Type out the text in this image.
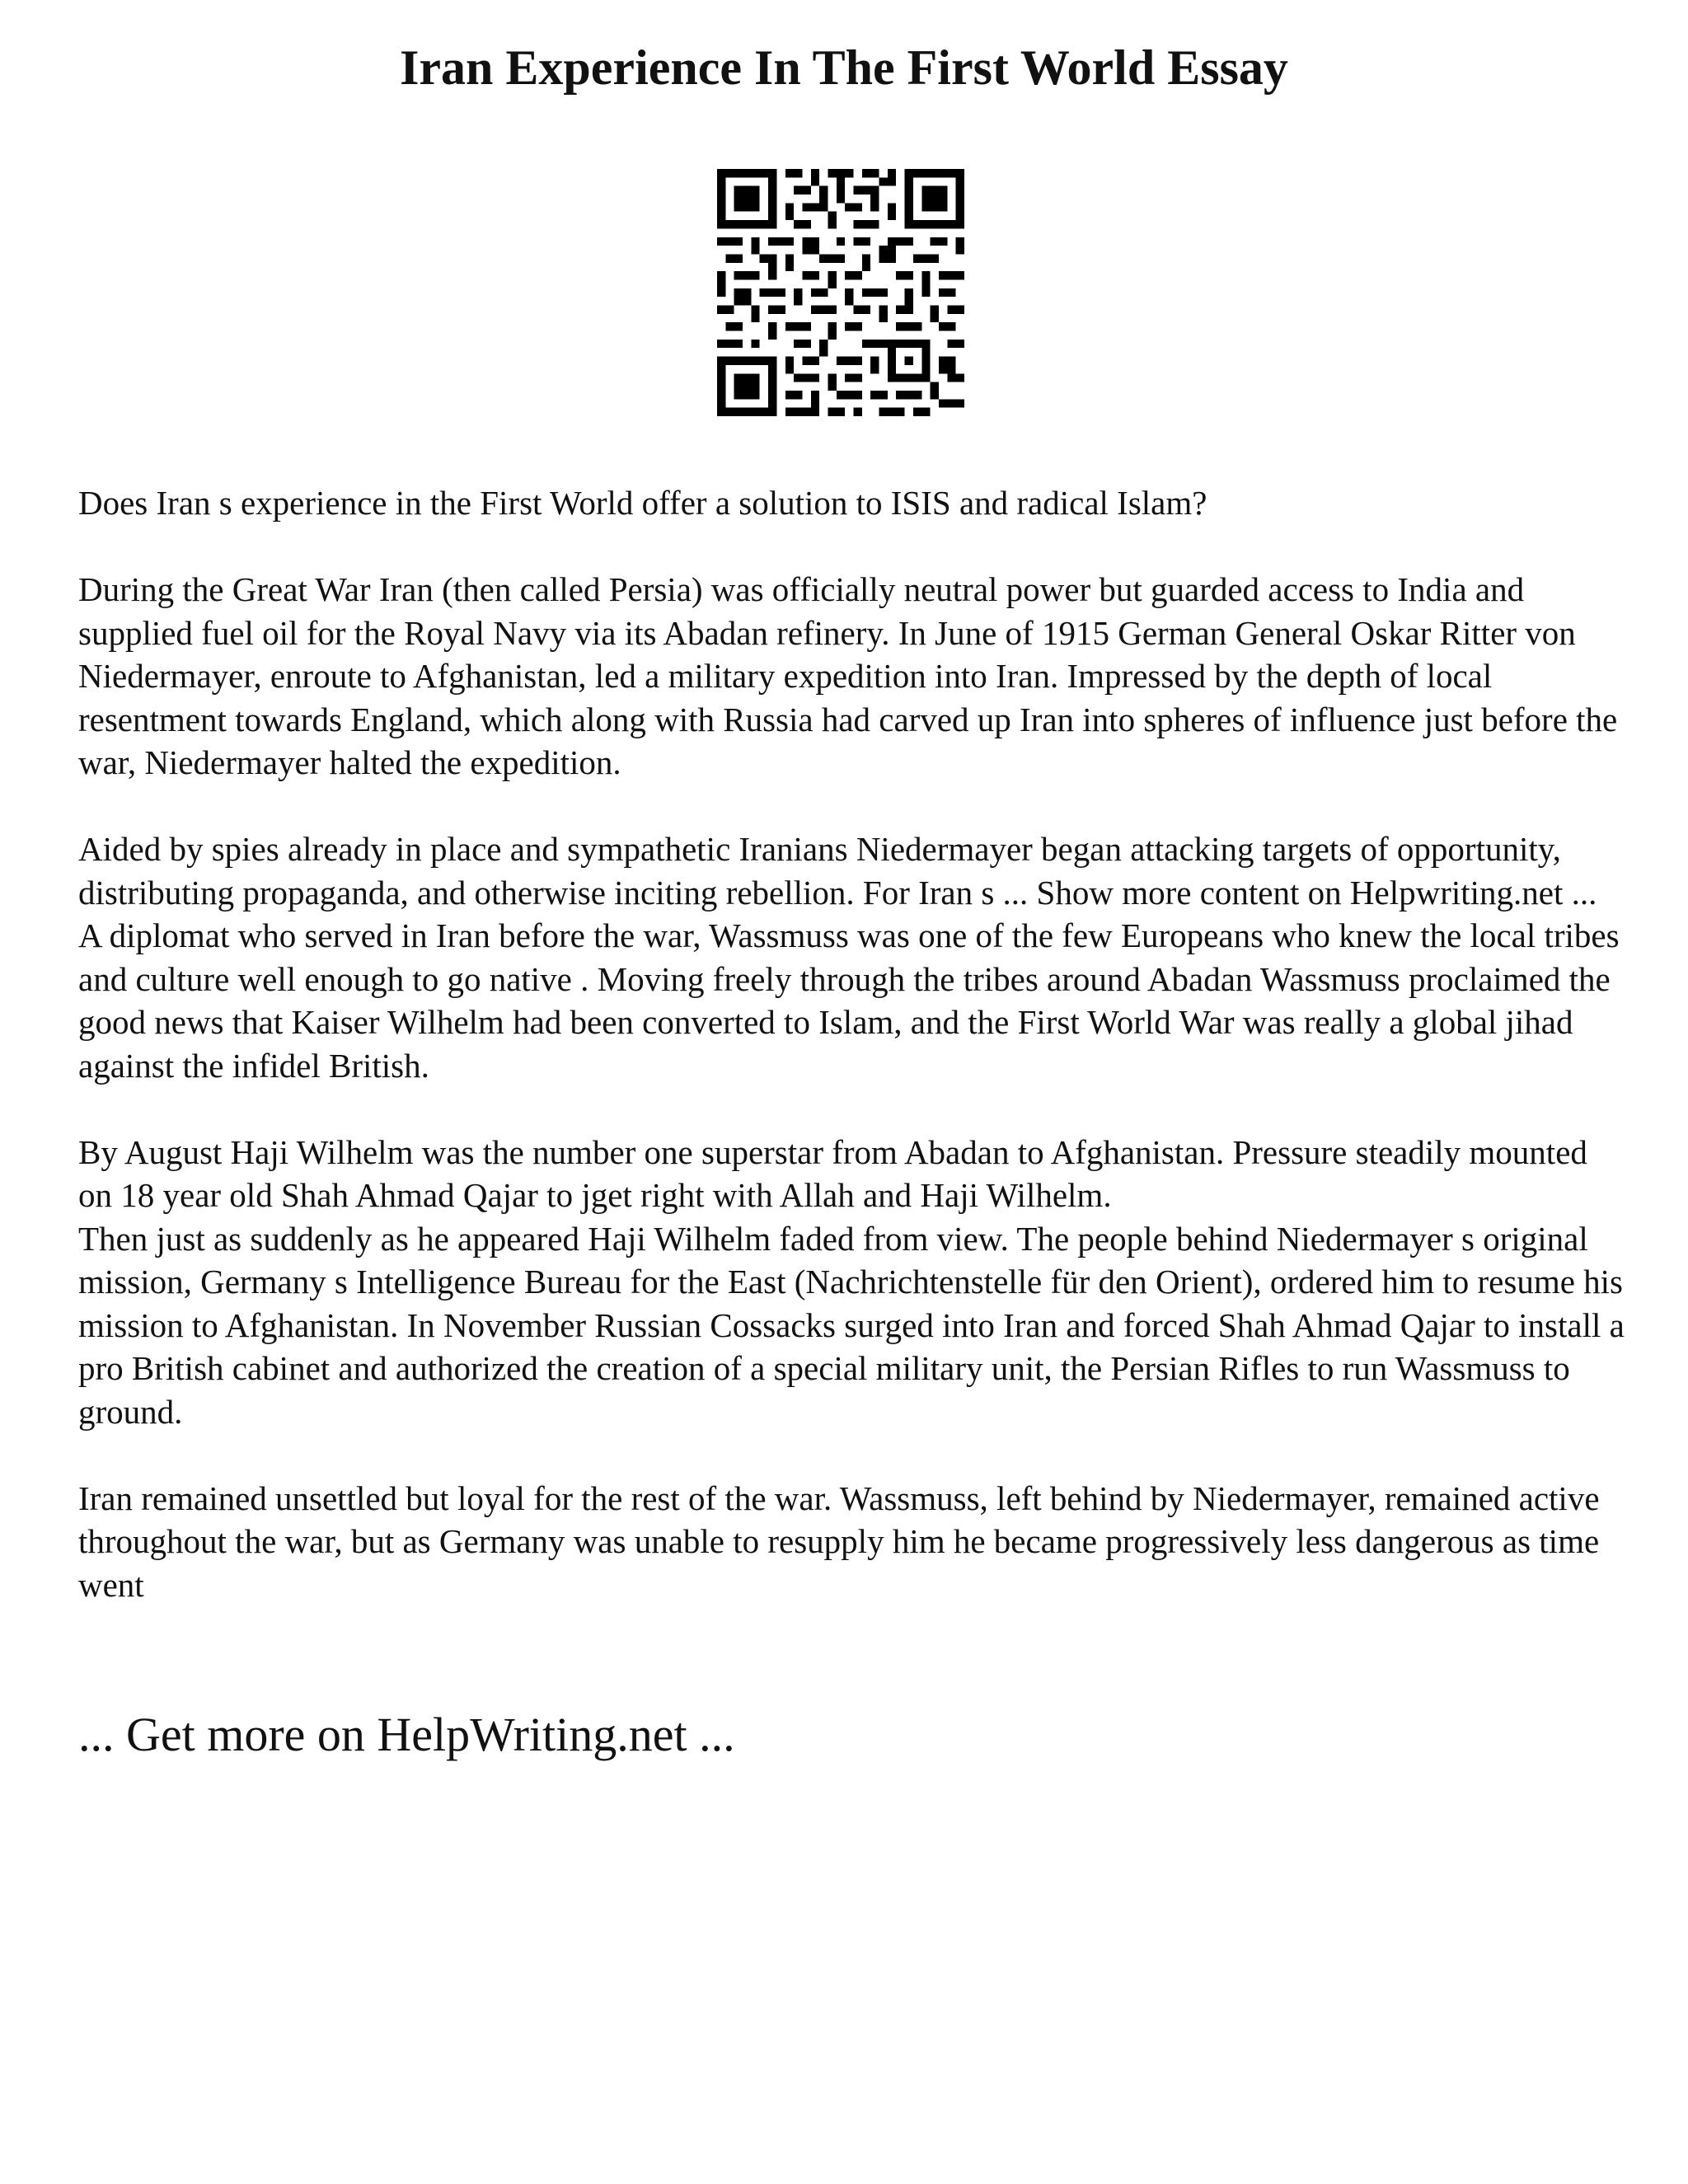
Iran Experience In The First World Essay

Does Iran s experience in the First World offer a solution to ISIS and radical Islam?

During the Great War Iran (then called Persia) was officially neutral power but guarded access to India and supplied fuel oil for the Royal Navy via its Abadan refinery. In June of 1915 German General Oskar Ritter von Niedermayer, enroute to Afghanistan, led a military expedition into Iran. Impressed by the depth of local resentment towards England, which along with Russia had carved up Iran into spheres of influence just before the war, Niedermayer halted the expedition.

Aided by spies already in place and sympathetic Iranians Niedermayer began attacking targets of opportunity, distributing propaganda, and otherwise inciting rebellion. For Iran s ... Show more content on Helpwriting.net ...

A diplomat who served in Iran before the war, Wassmuss was one of the few Europeans who knew the local tribes and culture well enough to go native . Moving freely through the tribes around Abadan Wassmuss proclaimed the good news that Kaiser Wilhelm had been converted to Islam, and the First World War was really a global jihad against the infidel British.

By August Haji Wilhelm was the number one superstar from Abadan to Afghanistan. Pressure steadily mounted on 18 year old Shah Ahmad Qajar to jget right with Allah and Haji Wilhelm.

Then just as suddenly as he appeared Haji Wilhelm faded from view. The people behind Niedermayer s original mission, Germany s Intelligence Bureau for the East (Nachrichtenstelle für den Orient), ordered him to resume his mission to Afghanistan. In November Russian Cossacks surged into Iran and forced Shah Ahmad Qajar to install a pro British cabinet and authorized the creation of a special military unit, the Persian Rifles to run Wassmuss to ground.

Iran remained unsettled but loyal for the rest of the war. Wassmuss, left behind by Niedermayer, remained active throughout the war, but as Germany was unable to resupply him he became progressively less dangerous as time went

... Get more on HelpWriting.net ...
